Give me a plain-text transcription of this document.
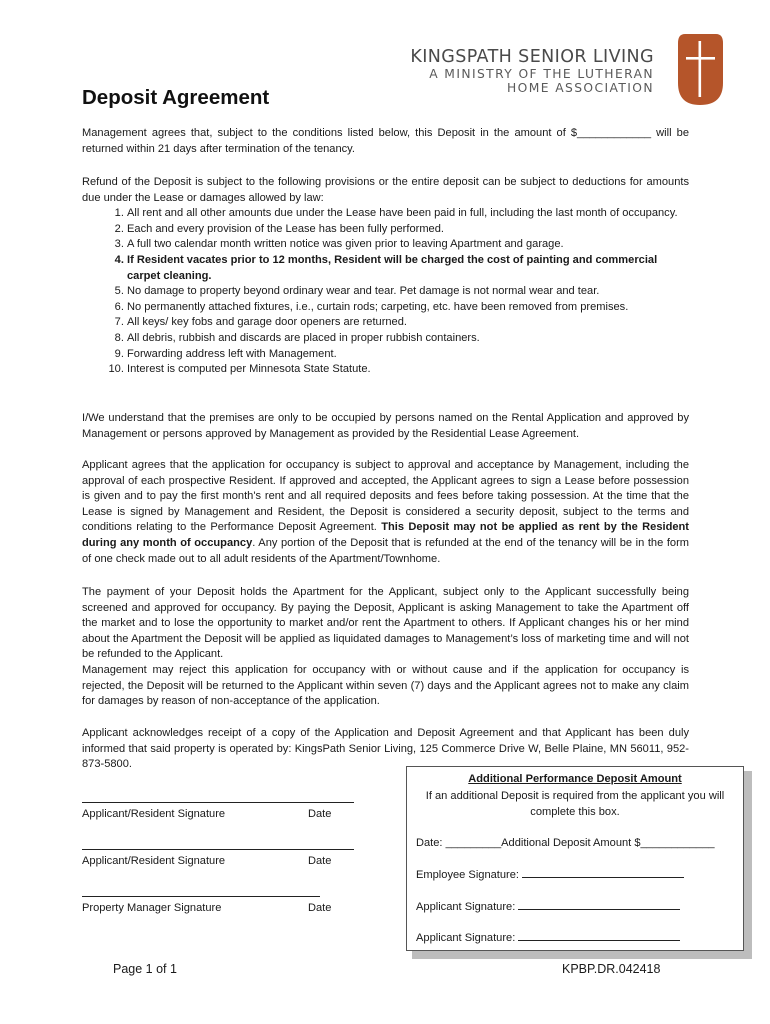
KINGSPATH SENIOR LIVING
A MINISTRY OF THE LUTHERAN
HOME ASSOCIATION
Deposit Agreement
Management agrees that, subject to the conditions listed below, this Deposit in the amount of $____________ will be returned within 21 days after termination of the tenancy.
Refund of the Deposit is subject to the following provisions or the entire deposit can be subject to deductions for amounts due under the Lease or damages allowed by law:
1. All rent and all other amounts due under the Lease have been paid in full, including the last month of occupancy.
2. Each and every provision of the Lease has been fully performed.
3. A full two calendar month written notice was given prior to leaving Apartment and garage.
4. If Resident vacates prior to 12 months, Resident will be charged the cost of painting and commercial carpet cleaning.
5. No damage to property beyond ordinary wear and tear. Pet damage is not normal wear and tear.
6. No permanently attached fixtures, i.e., curtain rods; carpeting, etc. have been removed from premises.
7. All keys/ key fobs and garage door openers are returned.
8. All debris, rubbish and discards are placed in proper rubbish containers.
9. Forwarding address left with Management.
10. Interest is computed per Minnesota State Statute.
I/We understand that the premises are only to be occupied by persons named on the Rental Application and approved by Management or persons approved by Management as provided by the Residential Lease Agreement.
Applicant agrees that the application for occupancy is subject to approval and acceptance by Management, including the approval of each prospective Resident. If approved and accepted, the Applicant agrees to sign a Lease before possession is given and to pay the first month's rent and all required deposits and fees before taking possession. At the time that the Lease is signed by Management and Resident, the Deposit is considered a security deposit, subject to the terms and conditions relating to the Performance Deposit Agreement. This Deposit may not be applied as rent by the Resident during any month of occupancy. Any portion of the Deposit that is refunded at the end of the tenancy will be in the form of one check made out to all adult residents of the Apartment/Townhome.
The payment of your Deposit holds the Apartment for the Applicant, subject only to the Applicant successfully being screened and approved for occupancy. By paying the Deposit, Applicant is asking Management to take the Apartment off the market and to lose the opportunity to market and/or rent the Apartment to others. If Applicant changes his or her mind about the Apartment the Deposit will be applied as liquidated damages to Management’s loss of marketing time and will not be refunded to the Applicant.
Management may reject this application for occupancy with or without cause and if the application for occupancy is rejected, the Deposit will be returned to the Applicant within seven (7) days and the Applicant agrees not to make any claim for damages by reason of non-acceptance of the application.
Applicant acknowledges receipt of a copy of the Application and Deposit Agreement and that Applicant has been duly informed that said property is operated by: KingsPath Senior Living, 125 Commerce Drive W, Belle Plaine, MN 56011, 952-873-5800.
Applicant/Resident Signature	Date
Applicant/Resident Signature	Date
Property Manager Signature	Date
Additional Performance Deposit Amount
If an additional Deposit is required from the applicant you will
complete this box.
Date: _________Additional Deposit Amount $____________
Employee Signature:
Applicant Signature:
Applicant Signature:
Page 1 of 1	KPBP.DR.042418
